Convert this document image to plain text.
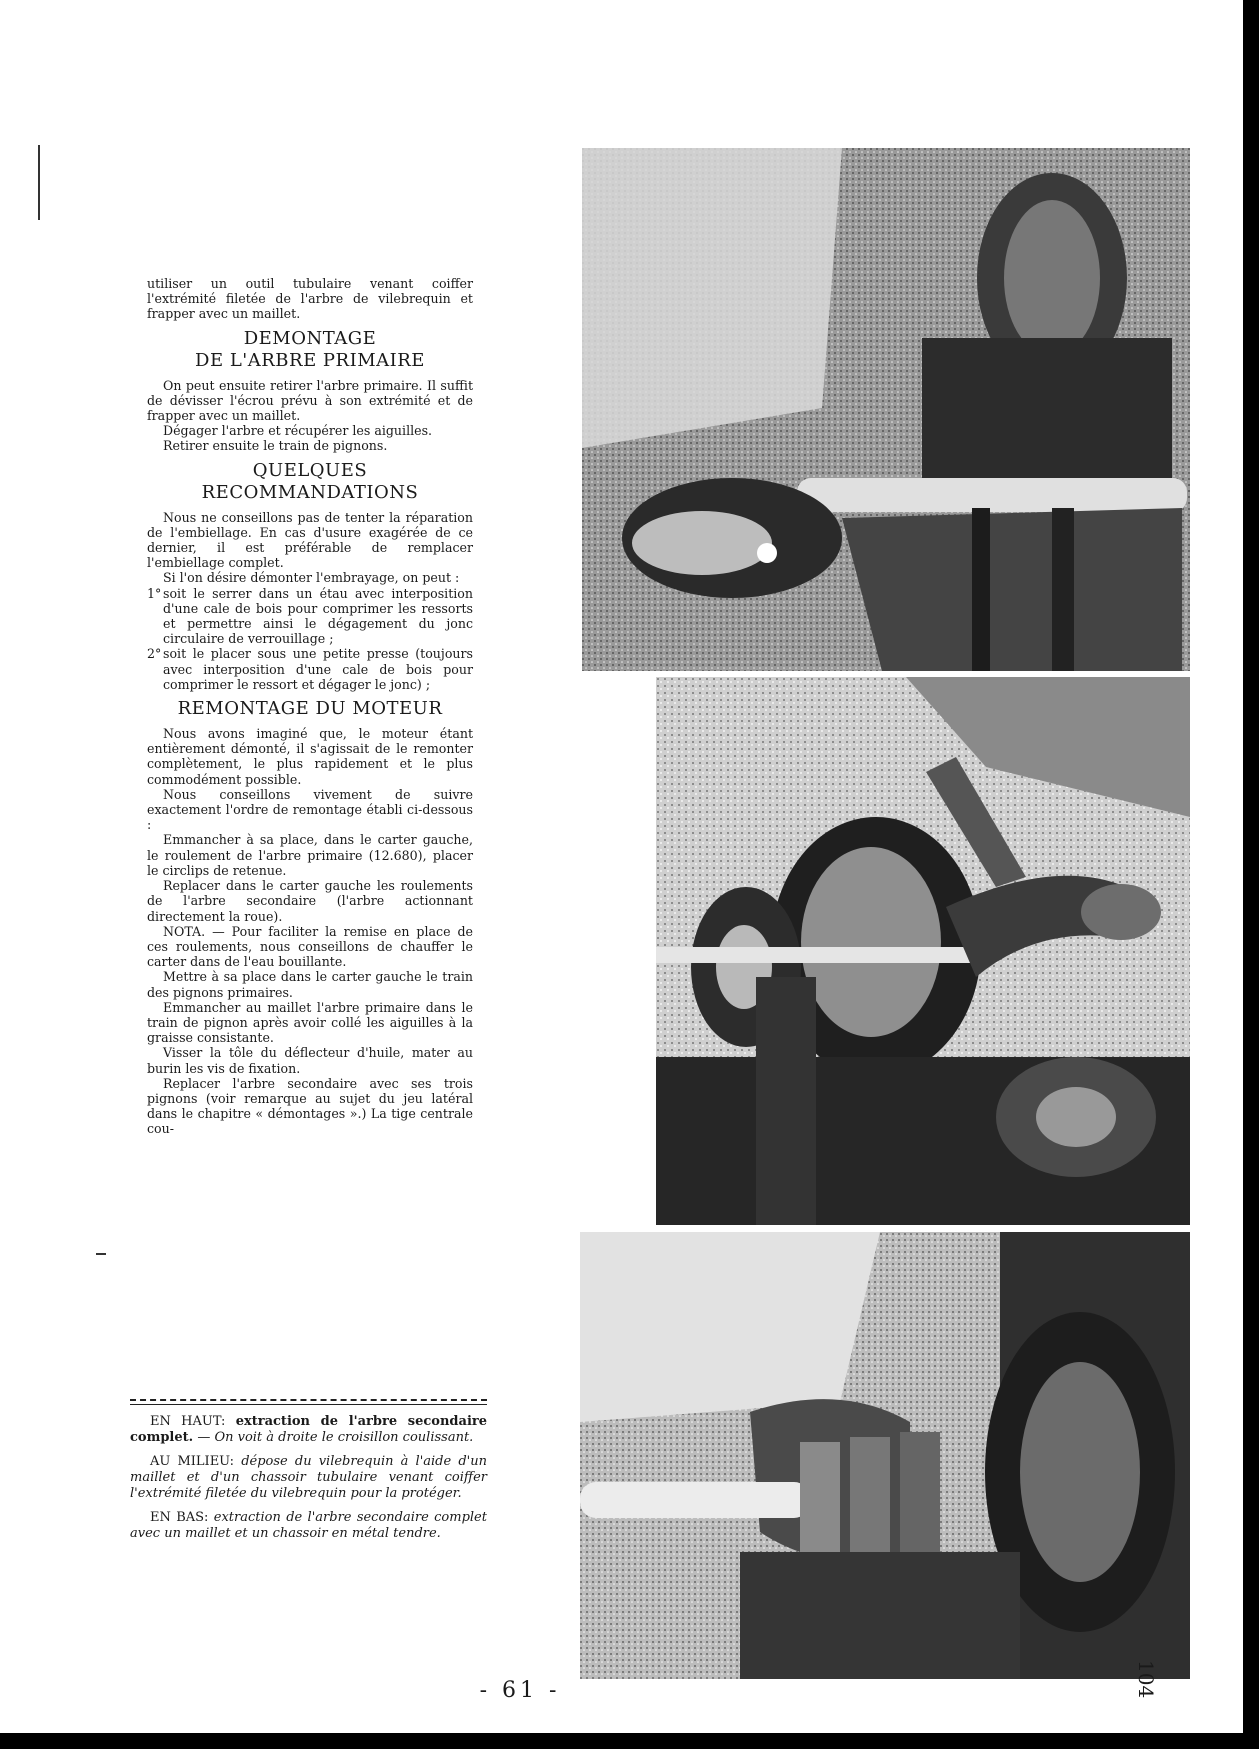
utiliser un outil tubulaire venant coiffer l'extrémité filetée de l'arbre de vilebrequin et frapper avec un maillet.

DEMONTAGE
DE L'ARBRE PRIMAIRE

On peut ensuite retirer l'arbre primaire. Il suffit de dévisser l'écrou prévu à son extrémité et de frapper avec un maillet.

Dégager l'arbre et récupérer les aiguilles.

Retirer ensuite le train de pignons.

QUELQUES
RECOMMANDATIONS

Nous ne conseillons pas de tenter la réparation de l'embiellage. En cas d'usure exagérée de ce dernier, il est préférable de remplacer l'embiellage complet.

Si l'on désire démonter l'embrayage, on peut :

1° soit le serrer dans un étau avec interposition d'une cale de bois pour comprimer les ressorts et permettre ainsi le dégagement du jonc circulaire de verrouillage ;
2° soit le placer sous une petite presse (toujours avec interposition d'une cale de bois pour comprimer le ressort et dégager le jonc) ;
REMONTAGE DU MOTEUR

Nous avons imaginé que, le moteur étant entièrement démonté, il s'agissait de le remonter complètement, le plus rapidement et le plus commodément possible.

Nous conseillons vivement de suivre exactement l'ordre de remontage établi ci-dessous :

Emmancher à sa place, dans le carter gauche, le roulement de l'arbre primaire (12.680), placer le circlips de retenue.

Replacer dans le carter gauche les roulements de l'arbre secondaire (l'arbre actionnant directement la roue).

NOTA. — Pour faciliter la remise en place de ces roulements, nous conseillons de chauffer le carter dans de l'eau bouillante.

Mettre à sa place dans le carter gauche le train des pignons primaires.

Emmancher au maillet l'arbre primaire dans le train de pignon après avoir collé les aiguilles à la graisse consistante.

Visser la tôle du déflecteur d'huile, mater au burin les vis de fixation.

Replacer l'arbre secondaire avec ses trois pignons (voir remarque au sujet du jeu latéral dans le chapitre « démontages ».) La tige centrale cou-

EN HAUT: extraction de l'arbre secondaire complet. — On voit à droite le croisillon coulissant.

AU MILIEU: dépose du vilebrequin à l'aide d'un maillet et d'un chassoir tubulaire venant coiffer l'extrémité filetée du vilebrequin pour la protéger.

EN BAS: extraction de l'arbre secondaire complet avec un maillet et un chassoir en métal tendre.

- 61 -	104
